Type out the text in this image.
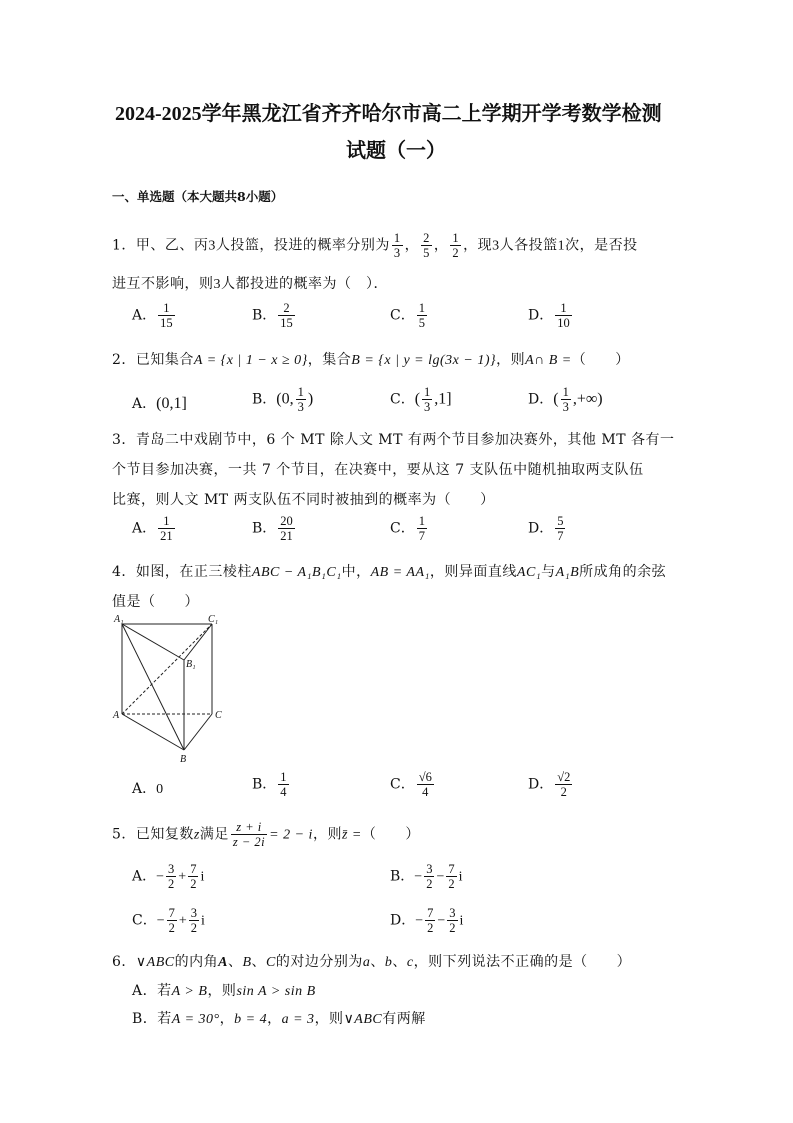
2024-2025学年黑龙江省齐齐哈尔市高二上学期开学考数学检测
试题（一）
一、单选题（本大题共8小题）
1．甲、乙、丙3人投篮，投进的概率分别为 $\frac{1}{3}$ ， $\frac{2}{5}$ ， $\frac{1}{2}$ ，现3人各投篮1次，是否投
进互不影响，则3人都投进的概率为（　）．
A． $\frac{1}{15}$	B． $\frac{2}{15}$	C． $\frac{1}{5}$	D． $\frac{1}{10}$
2．已知集合A = {x | 1 − x ≥ 0}，集合B = {x | y = lg(3x − 1)}，则A∩ B =（　　）
A．(0,1]	B．(0, $\frac{1}{3}$ )	C．( $\frac{1}{3} ,1$]	D．( $\frac{1}{3}$ ,+∞)
3．青岛二中戏剧节中，6 个 MT 除人文 MT 有两个节目参加决赛外，其他 MT 各有一
个节目参加决赛，一共 7 个节目，在决赛中，要从这 7 支队伍中随机抽取两支队伍
比赛，则人文 MT 两支队伍不同时被抽到的概率为（　　）
A． $\frac{1}{21}$	B． $\frac{20}{21}$	C． $\frac{1}{7}$	D． $\frac{5}{7}$
4．如图，在正三棱柱ABC − A₁B₁C₁中，AB = AA₁，则异面直线AC₁与A₁B所成角的余弦
值是（　　）
A₁	C₁
B₁
A	C
B
A．0	B． $\frac{1}{4}$	C． $\frac{√6}{4}$	D． $\frac{√2}{2}$
5．已知复数z满足 $\frac{z + i}{z - 2i} = 2 - i$，则z̄ =（　　）
A．− $\frac{3}{2} + \frac{7}{2}$ i	B．− $\frac{3}{2} - \frac{7}{2}$ i
C．− $\frac{7}{2} + \frac{3}{2}$ i	D．− $\frac{7}{2} - \frac{3}{2}$ i
6．∨ABC的内角A、B、C的对边分别为a、b、c，则下列说法不正确的是（　　）
A．若A > B，则sin A > sin B
B．若A = 30°，b = 4，a = 3，则∨ABC有两解
